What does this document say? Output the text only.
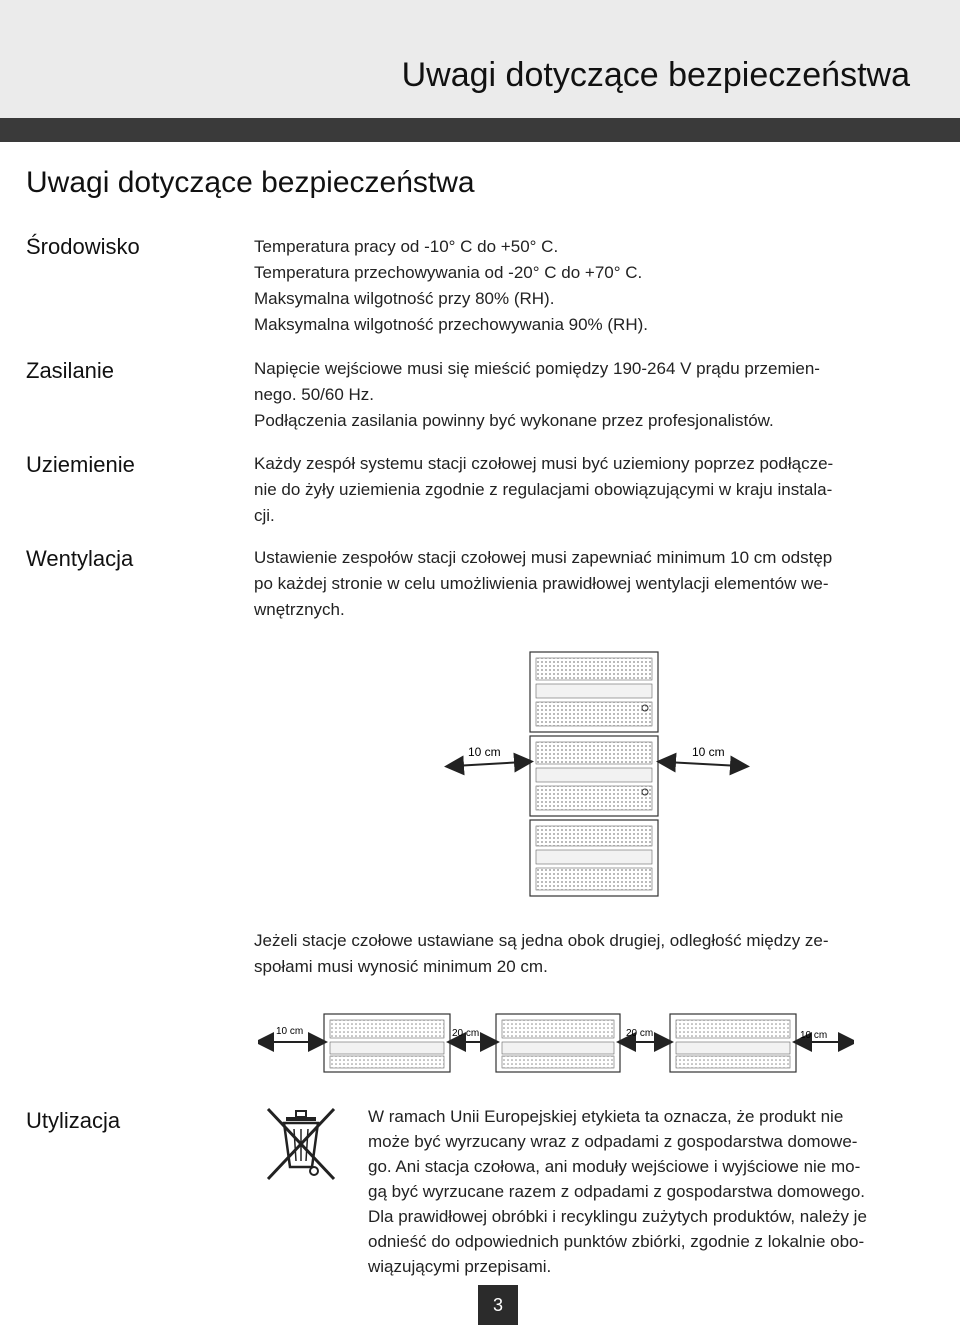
Uwagi dotyczące bezpieczeństwa
Uwagi dotyczące bezpieczeństwa
Środowisko	Temperatura pracy od -10° C do +50° C.

Temperatura przechowywania od -20° C do +70° C.

Maksymalna wilgotność przy 80% (RH).

Maksymalna wilgotność przechowywania 90% (RH).

Zasilanie	Napięcie wejściowe musi się mieścić pomiędzy 190-264 V prądu przemien-

nego. 50/60 Hz.

Podłączenia zasilania powinny być wykonane przez profesjonalistów.

Uziemienie	Każdy zespół systemu stacji czołowej musi być uziemiony poprzez podłącze-

nie do żyły uziemienia zgodnie z regulacjami obowiązującymi w kraju instala-

cji.

Wentylacja	Ustawienie zespołów stacji czołowej musi zapewniać minimum 10 cm odstęp

po każdej stronie w celu umożliwienia prawidłowej wentylacji elementów we-

wnętrznych.

10 cm	10 cm

Jeżeli stacje czołowe ustawiane są jedna obok drugiej, odległość między ze-

społami musi wynosić minimum 20 cm.

10 cm	20 cm	20 cm	10 cm
Utylizacja	W ramach Unii Europejskiej etykieta ta oznacza, że produkt nie

może być wyrzucany wraz z odpadami z gospodarstwa domowe-

go. Ani stacja czołowa, ani moduły wejściowe i wyjściowe nie mo-

gą być wyrzucane razem z odpadami z gospodarstwa domowego.

Dla prawidłowej obróbki i recyklingu zużytych produktów, należy je

odnieść do odpowiednich punktów zbiórki, zgodnie z lokalnie obo-

wiązującymi przepisami.

3
